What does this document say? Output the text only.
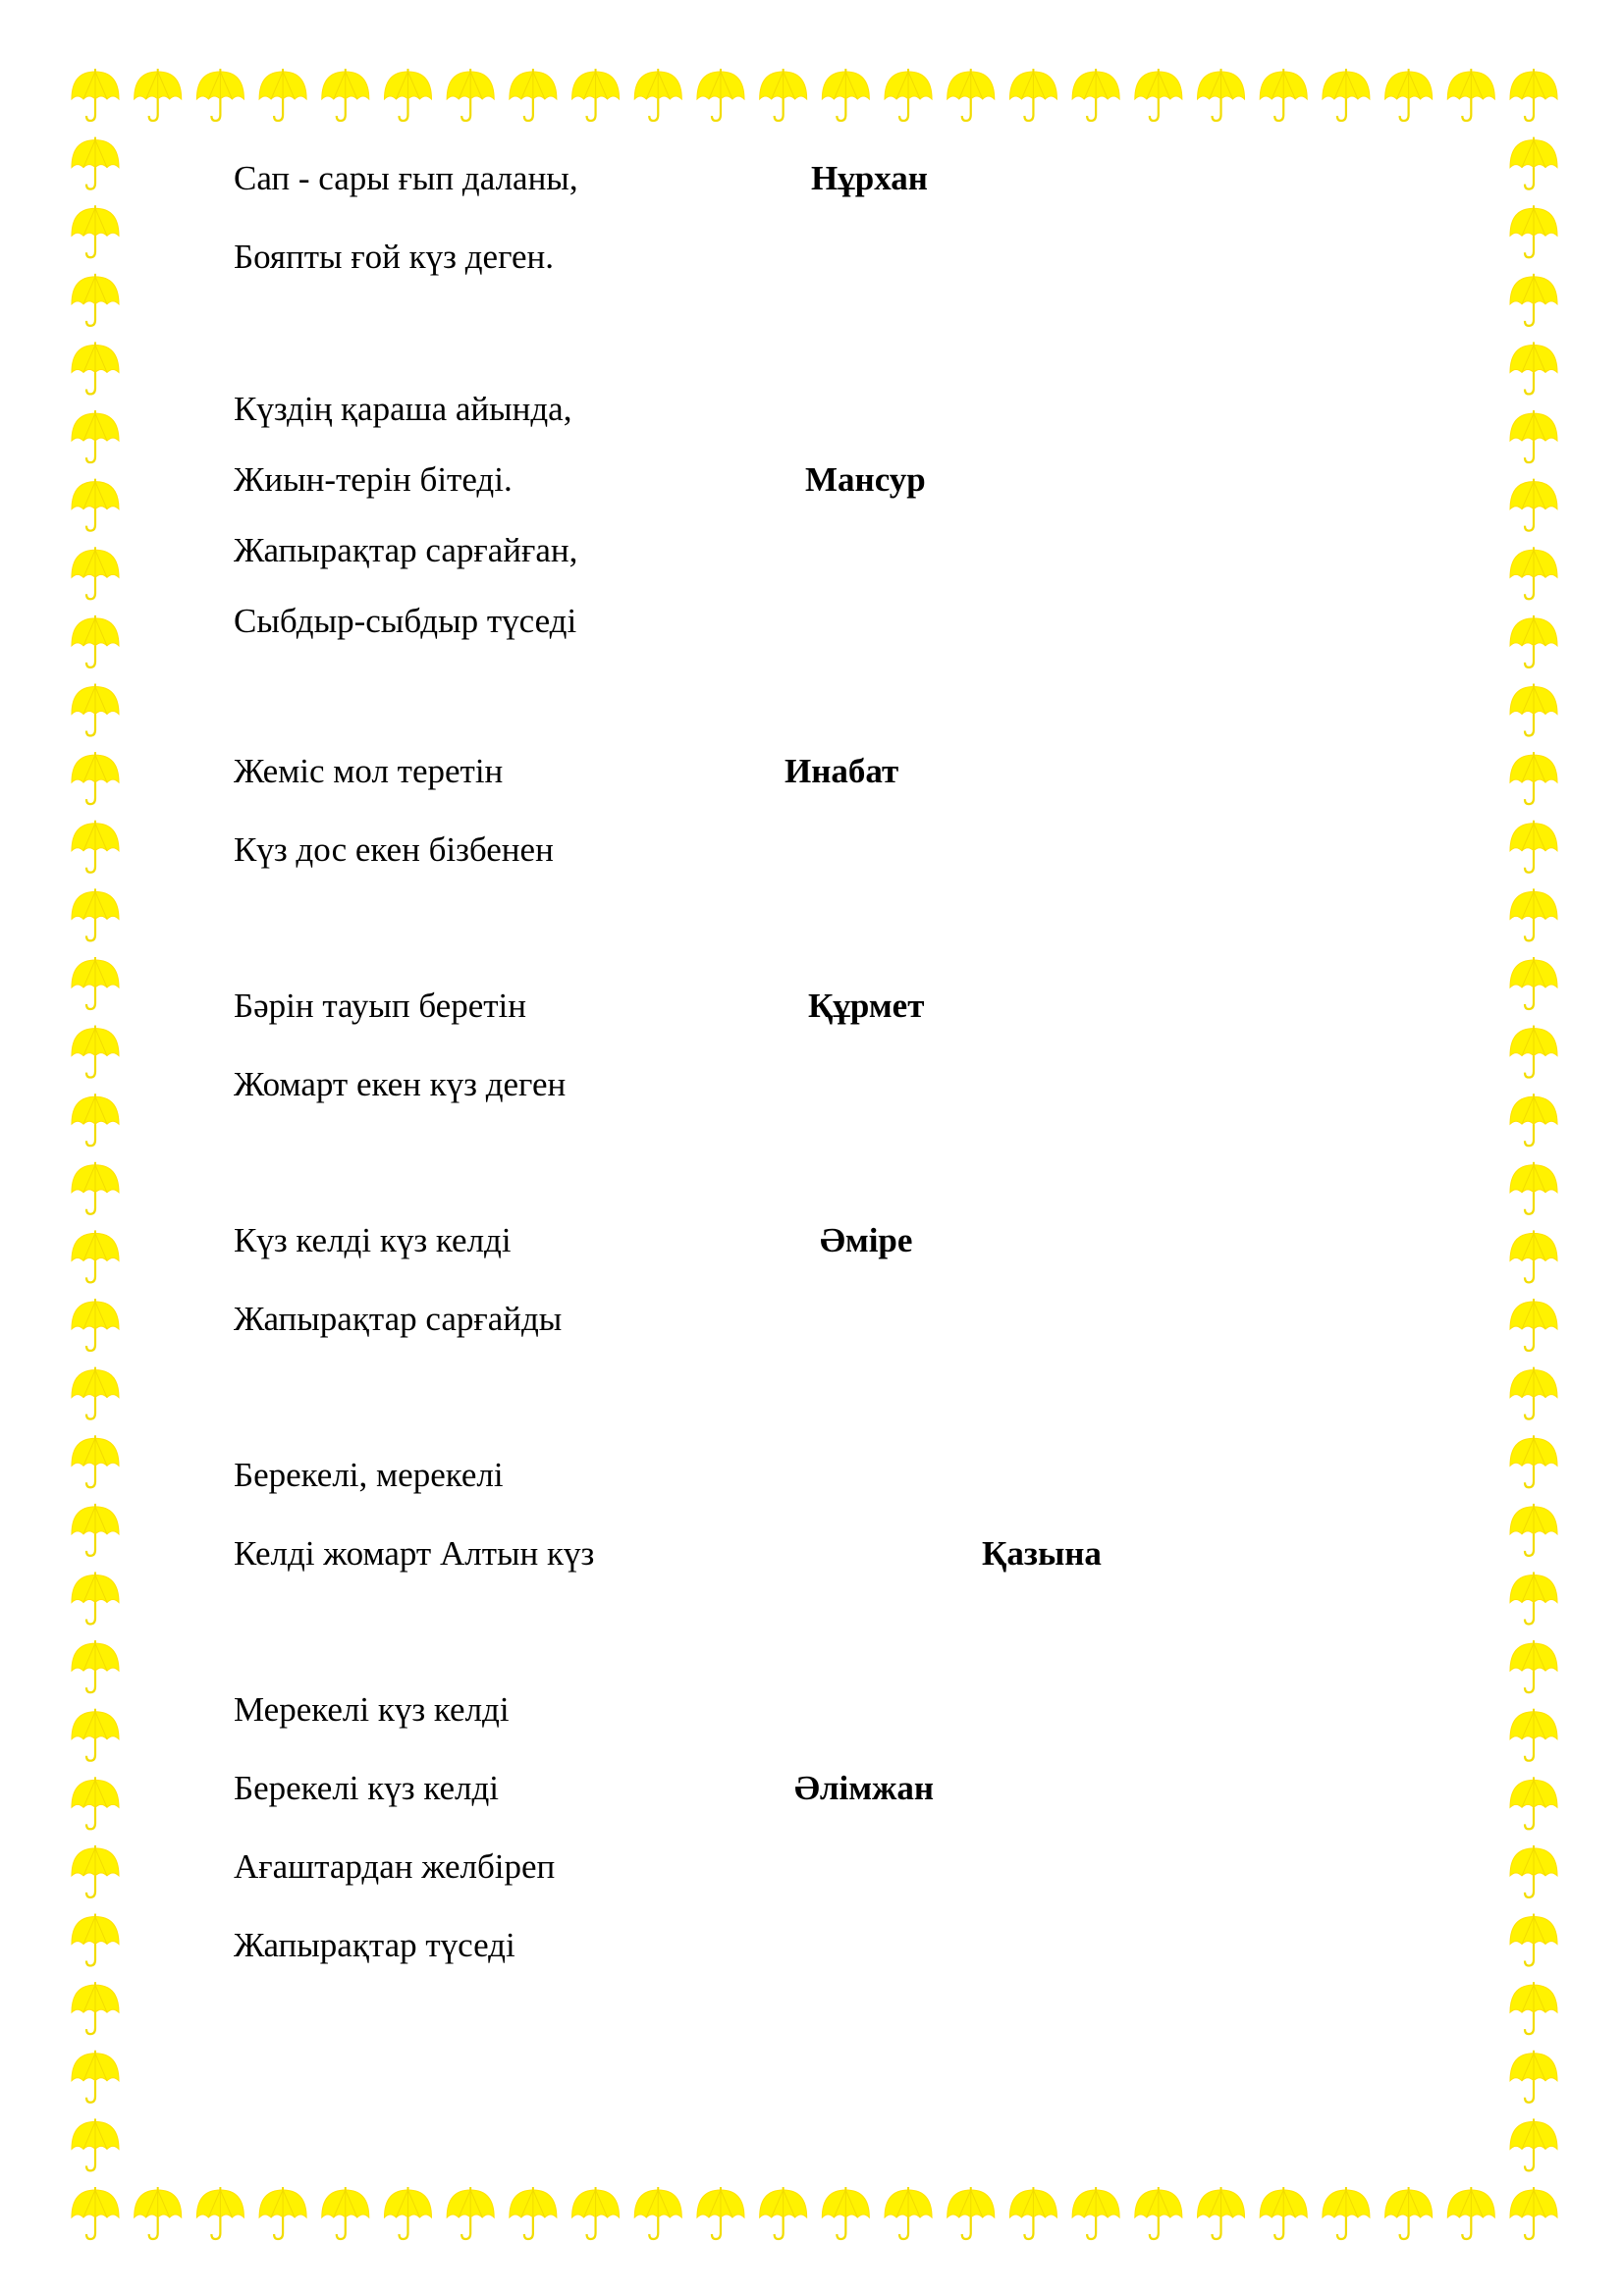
Сап - сары ғып даланы,
Бояпты ғой күз деген.
Нұрхан
Күздің қараша айында,
Жиын-терін бітеді.
Жапырақтар сарғайған,
Сыбдыр-сыбдыр түседі
Мансур
Жеміс мол теретін
Күз дос екен бізбенен
Инабат
Бәрін тауып беретін
Жомарт екен күз деген
Құрмет
Күз келді күз келді
Жапырақтар сарғайды
Әміре
Берекелі, мерекелі
Келді жомарт Алтын күз	Қазына
Мерекелі күз келді
Берекелі күз келді
Ағаштардан желбіреп
Жапырақтар түседі
Әлімжан
